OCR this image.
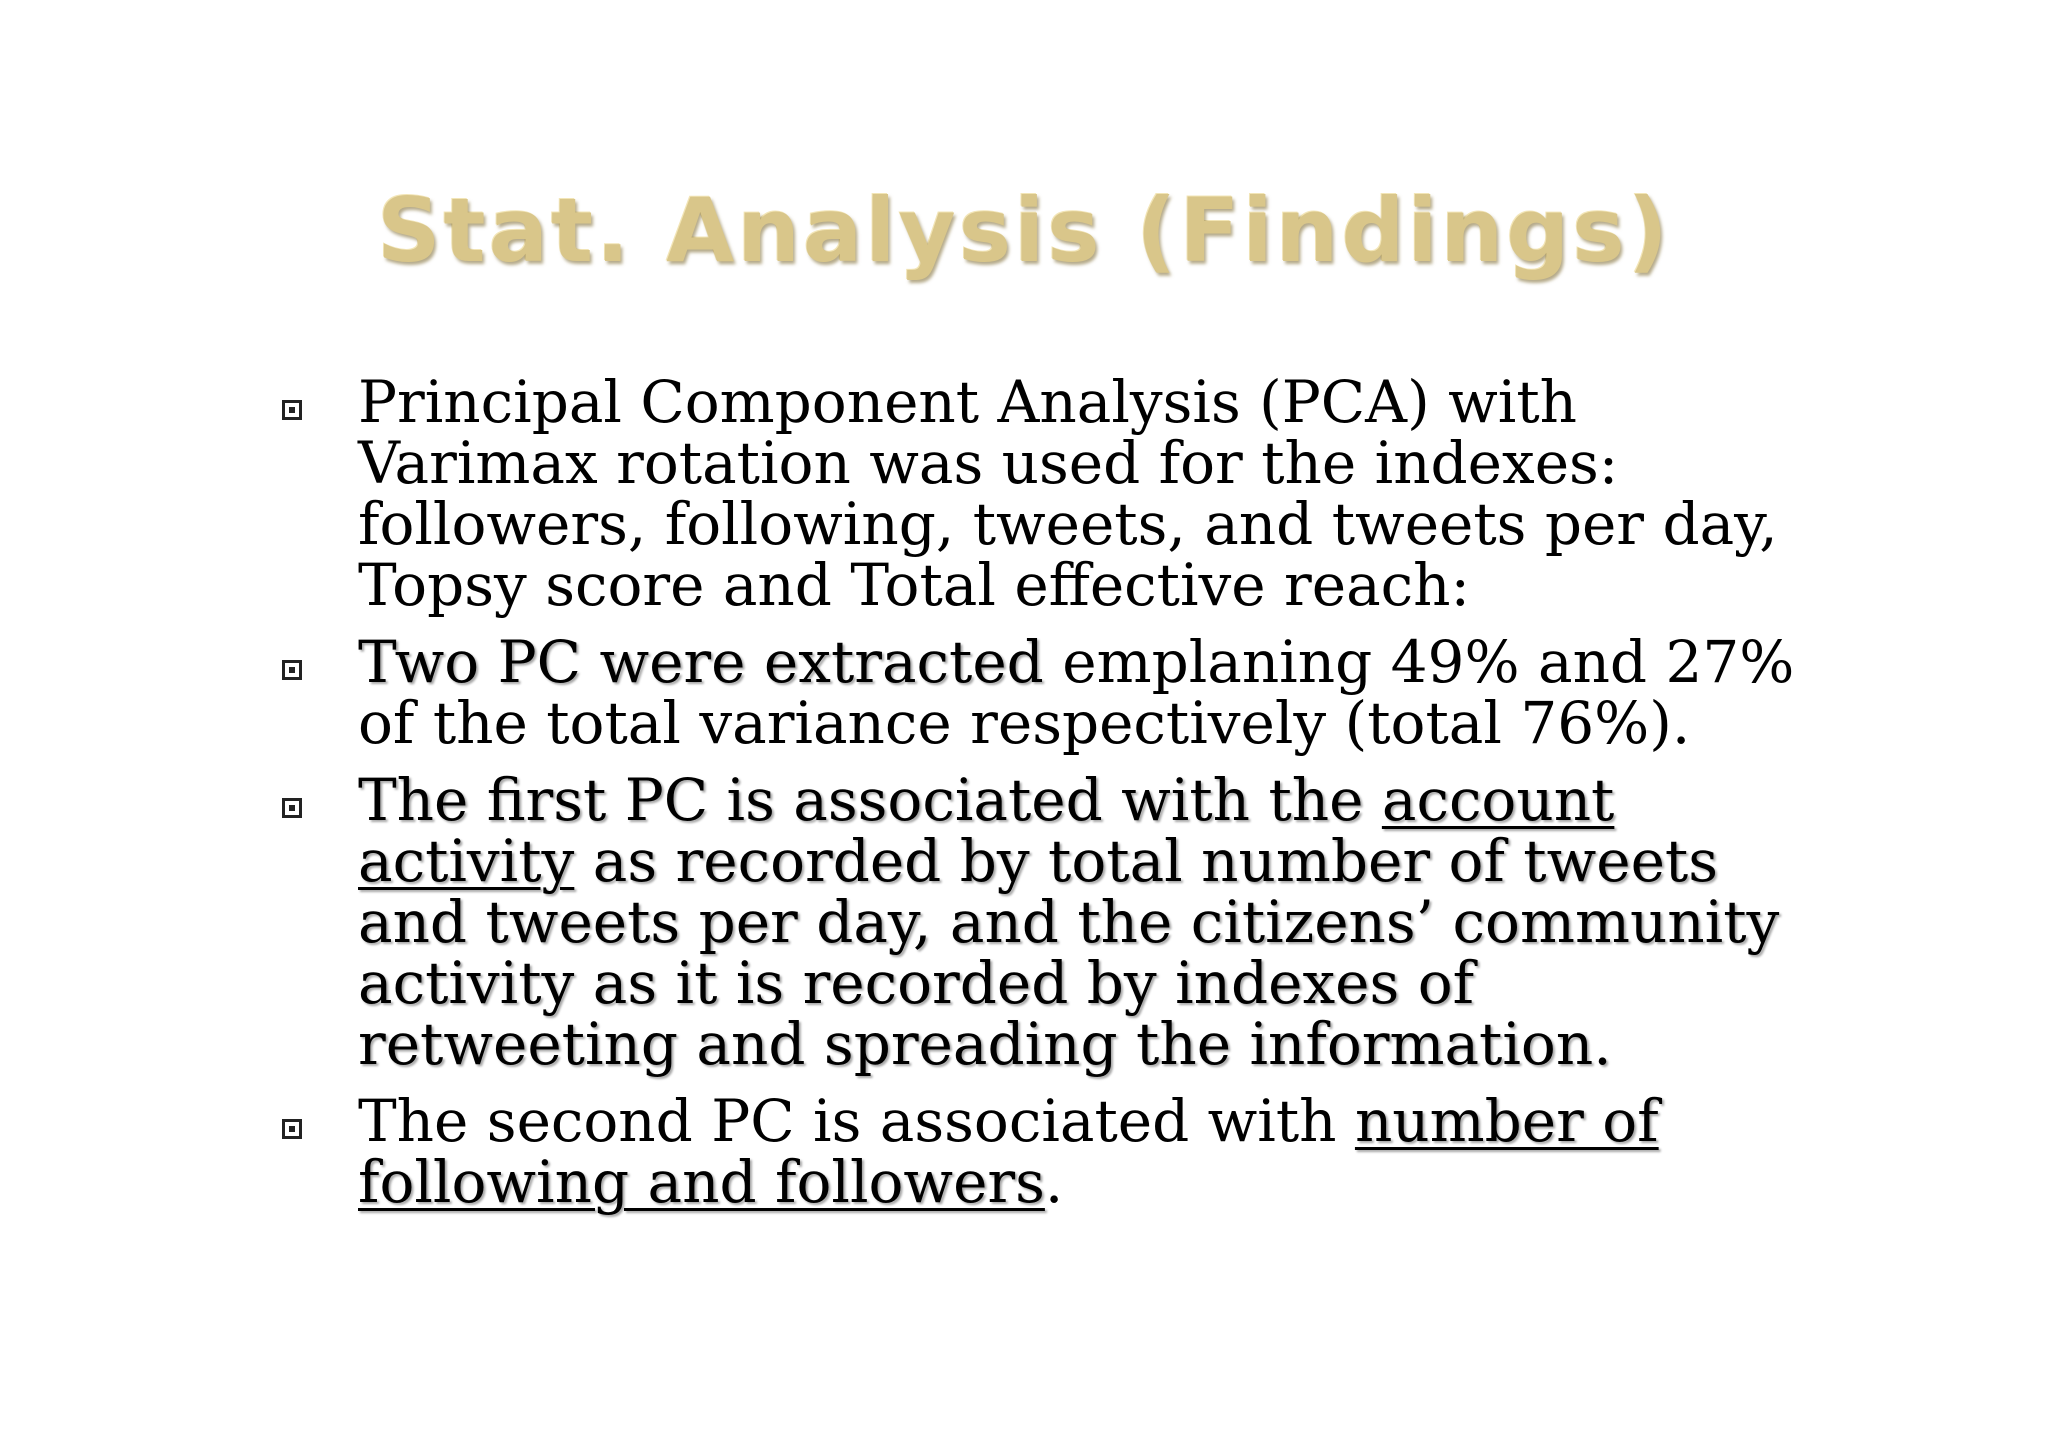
Stat. Analysis (Findings)
Principal Component Analysis (PCA) with Varimax rotation was used for the indexes: followers, following, tweets, and tweets per day, Topsy score and Total effective reach:
Two PC were extracted emplaning 49% and 27% of the total variance respectively (total 76%).
The first PC is associated with the account activity as recorded by total number of tweets and tweets per day, and the citizens’ community activity as it is recorded by indexes of retweeting and spreading the information.
The second PC is associated with number of following and followers.
